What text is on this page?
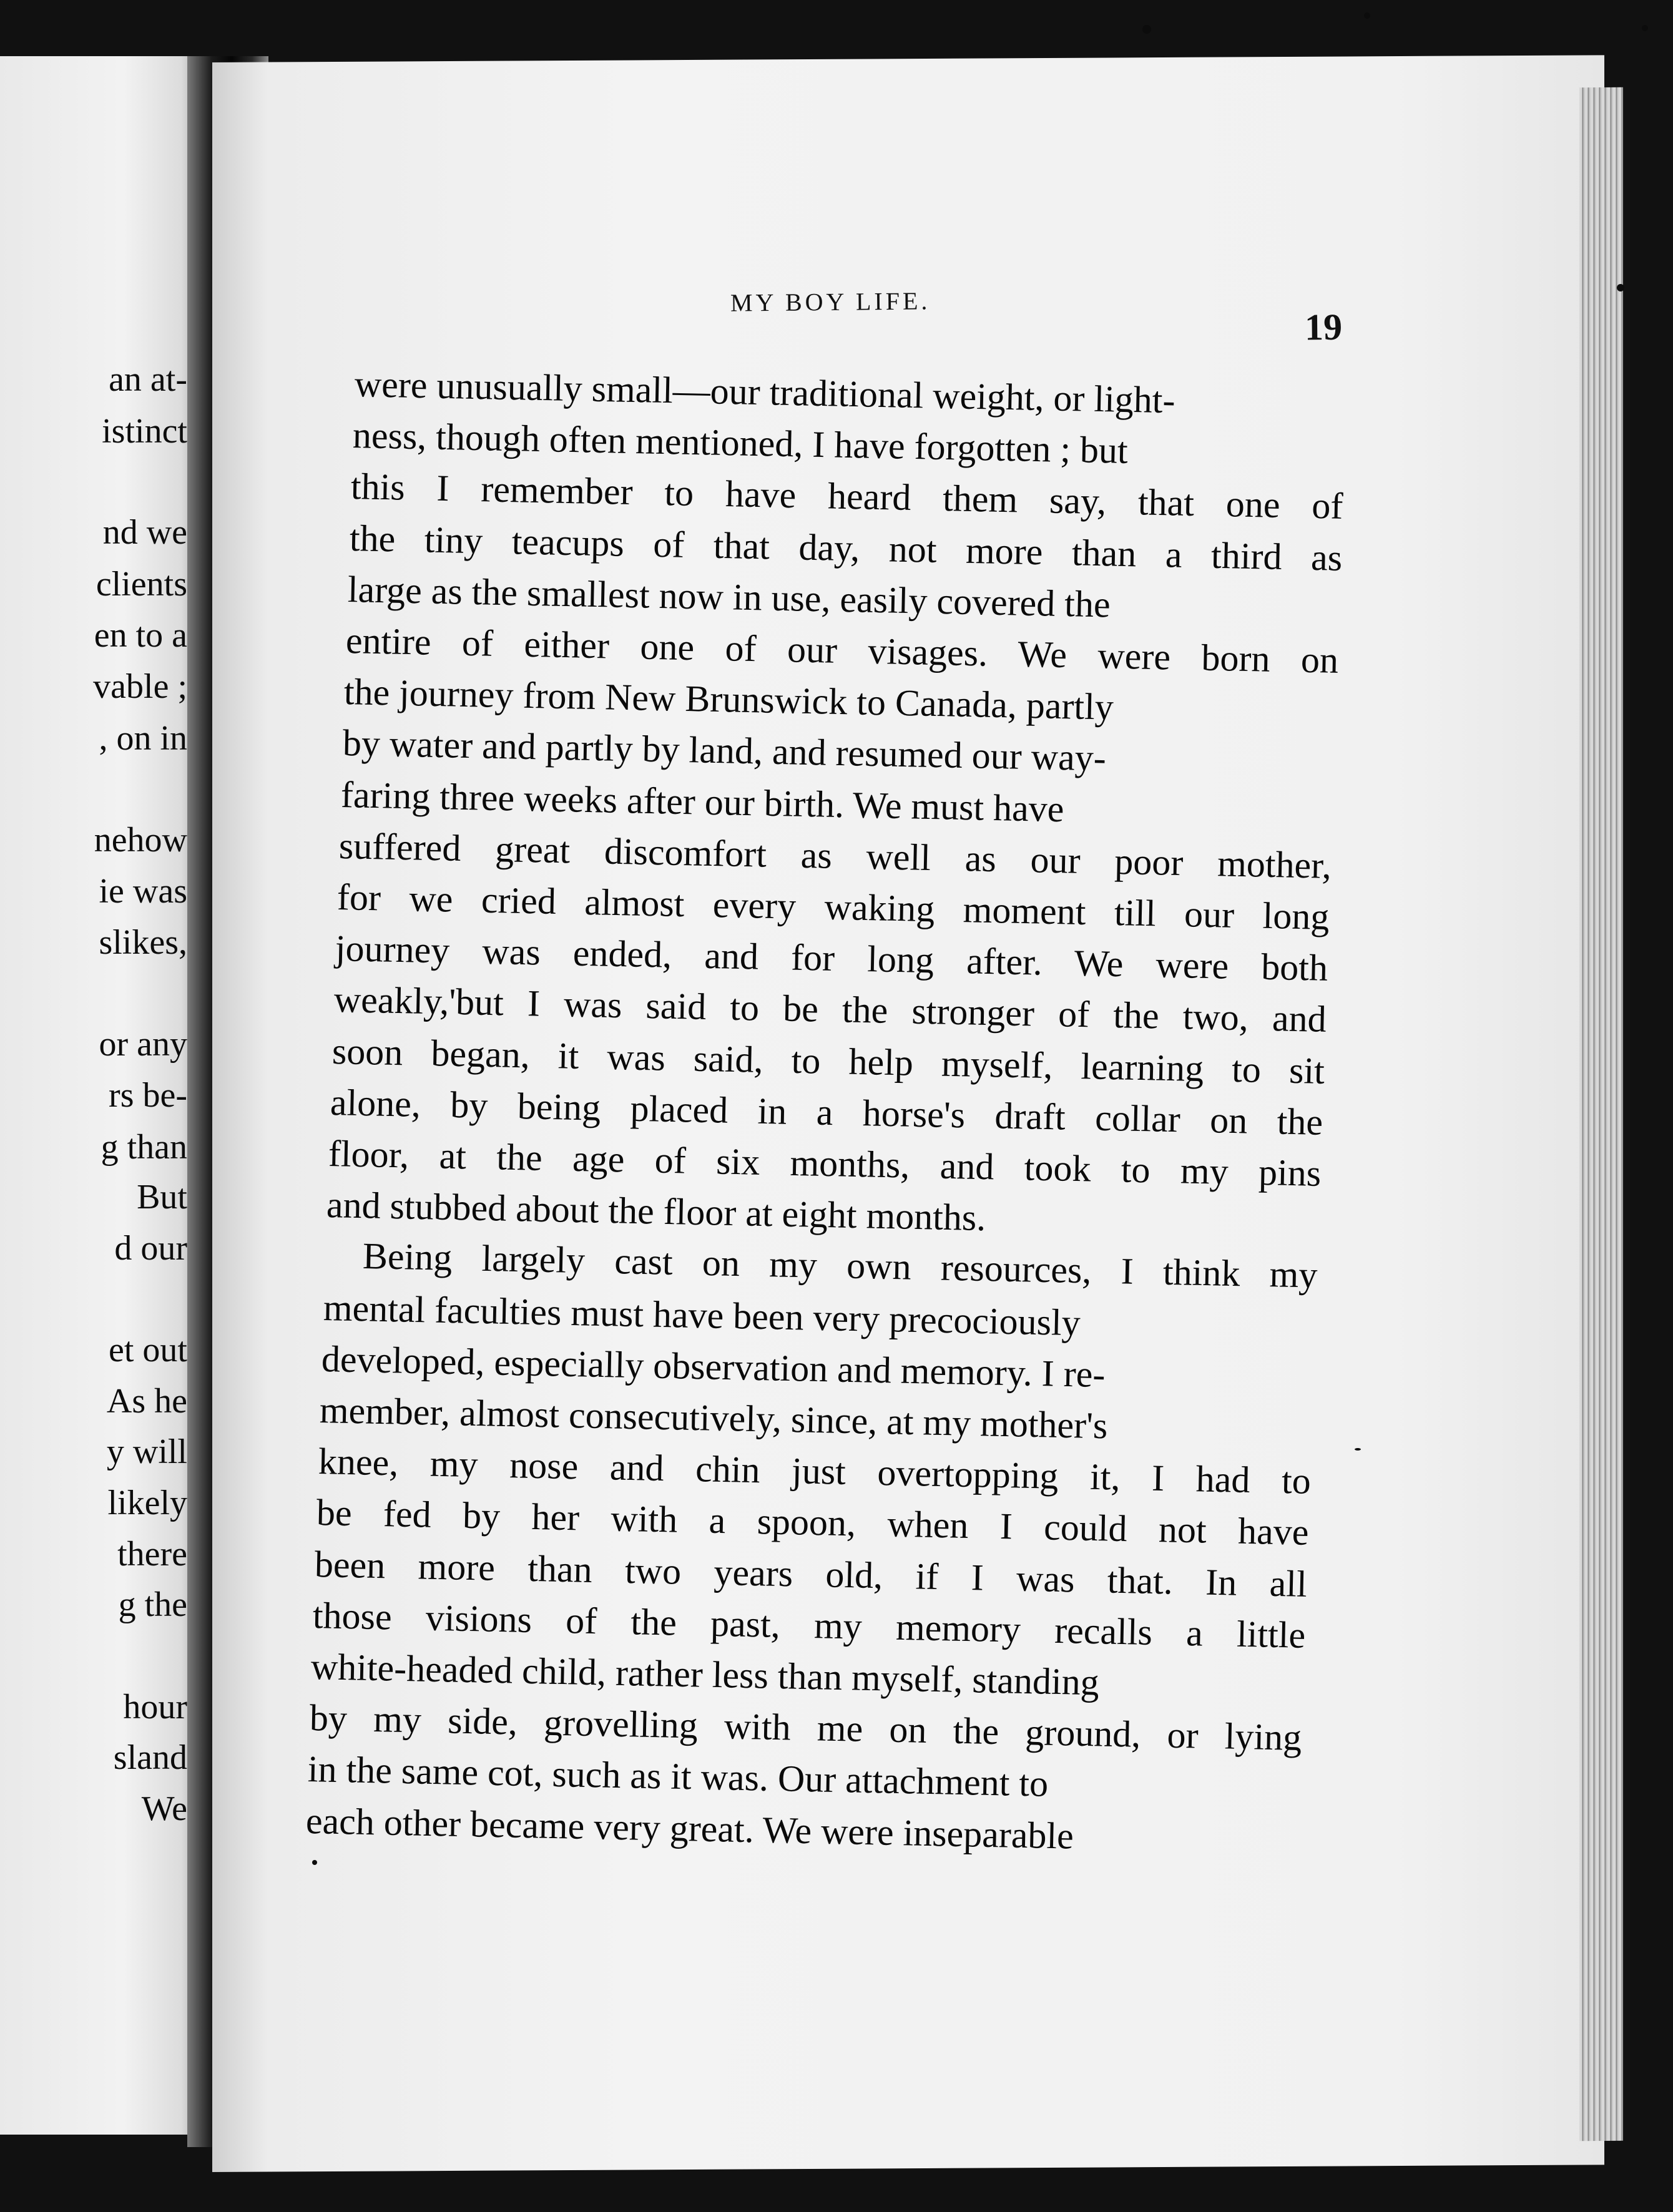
an at-
istinct
nd we
clients
en to a
vable ;
, on in
nehow
ie was
slikes,
or any
rs be-
g than
But
d our
et out
As he
y will
likely
there
g the
hour
sland
We
MY BOY LIFE.
19
were unusually small—our traditional weight, or light-
ness, though often mentioned, I have forgotten ; but
this I remember to have heard them say, that one of
the tiny teacups of that day, not more than a third as
large as the smallest now in use, easily covered the
entire of either one of our visages. We were born on
the journey from New Brunswick to Canada, partly
by water and partly by land, and resumed our way-
faring three weeks after our birth. We must have
suffered great discomfort as well as our poor mother,
for we cried almost every waking moment till our long
journey was ended, and for long after. We were both
weakly,'but I was said to be the stronger of the two, and
soon began, it was said, to help myself, learning to sit
alone, by being placed in a horse's draft collar on the
floor, at the age of six months, and took to my pins
and stubbed about the floor at eight months.
Being largely cast on my own resources, I think my
mental faculties must have been very precociously
developed, especially observation and memory. I re-
member, almost consecutively, since, at my mother's
knee, my nose and chin just overtopping it, I had to
be fed by her with a spoon, when I could not have
been more than two years old, if I was that. In all
those visions of the past, my memory recalls a little
white-headed child, rather less than myself, standing
by my side, grovelling with me on the ground, or lying
in the same cot, such as it was. Our attachment to
each other became very great. We were inseparable
